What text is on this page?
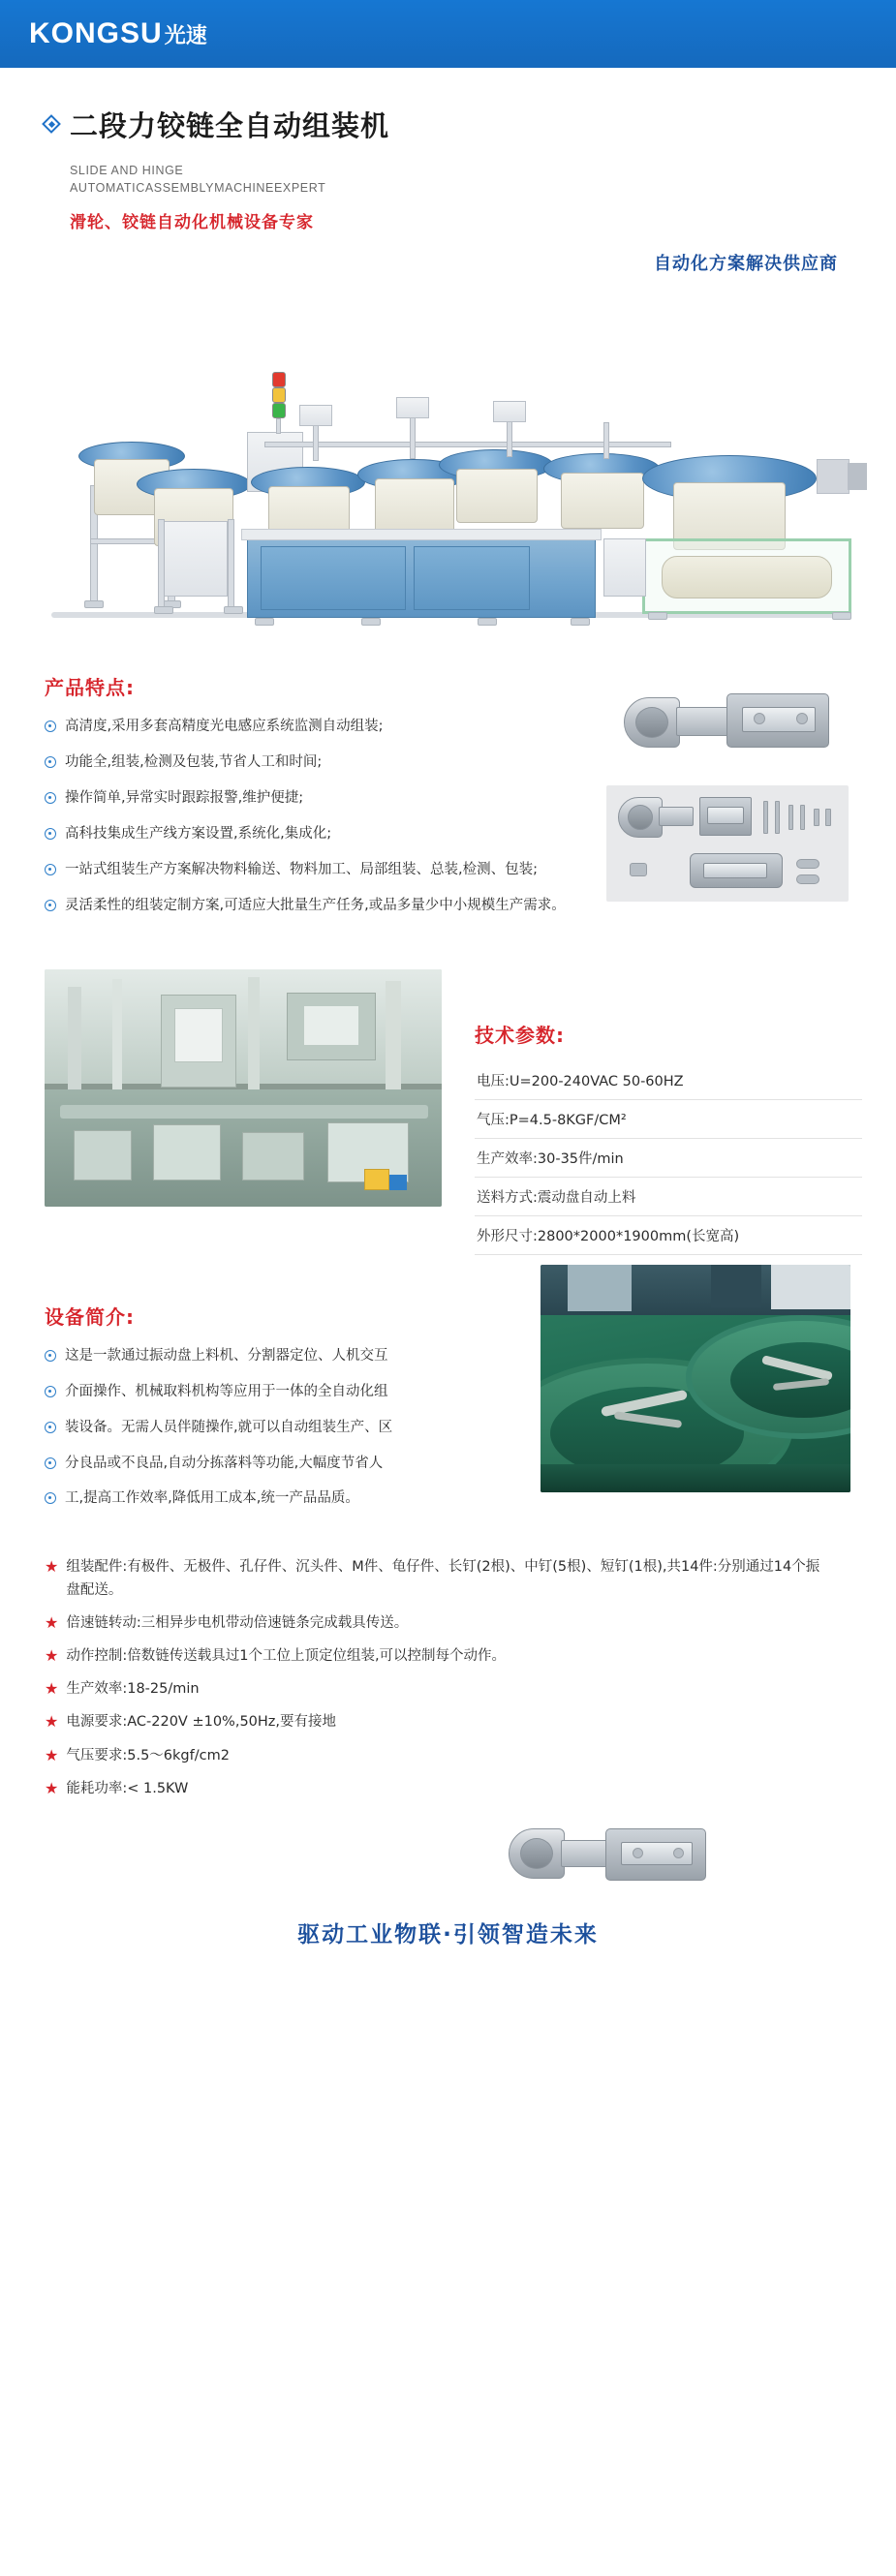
KONGSU 光速
二段力铰链全自动组装机
SLIDE AND HINGE
AUTOMATICASSEMBLYMACHINEEXPERT
滑轮、铰链自动化机械设备专家
自动化方案解决供应商
产品特点:
高清度,采用多套高精度光电感应系统监测自动组装;
功能全,组装,检测及包装,节省人工和时间;
操作简单,异常实时跟踪报警,维护便捷;
高科技集成生产线方案设置,系统化,集成化;
一站式组装生产方案解决物料输送、物料加工、局部组装、总装,检测、包装;
灵活柔性的组装定制方案,可适应大批量生产任务,或品多量少中小规模生产需求。
技术参数:
电压:U=200-240VAC 50-60HZ
气压:P=4.5-8KGF/CM²
生产效率:30-35件/min
送料方式:震动盘自动上料
外形尺寸:2800*2000*1900mm(长宽高)
设备简介:
这是一款通过振动盘上料机、分割器定位、人机交互
介面操作、机械取料机构等应用于一体的全自动化组
装设备。无需人员伴随操作,就可以自动组装生产、区
分良品或不良品,自动分拣落料等功能,大幅度节省人
工,提高工作效率,降低用工成本,统一产品品质。
★ 组装配件:有极件、无极件、孔仔件、沉头件、M件、龟仔件、长钉(2根)、中钉(5根)、短钉(1根),共14件:分别通过14个振盘配送。
★ 倍速链转动:三相异步电机带动倍速链条完成载具传送。
★ 动作控制:倍数链传送载具过1个工位上顶定位组装,可以控制每个动作。
★ 生产效率:18-25/min
★ 电源要求:AC-220V ±10%,50Hz,要有接地
★ 气压要求:5.5〜6kgf/cm2
★ 能耗功率:< 1.5KW
驱动工业物联·引领智造未来
